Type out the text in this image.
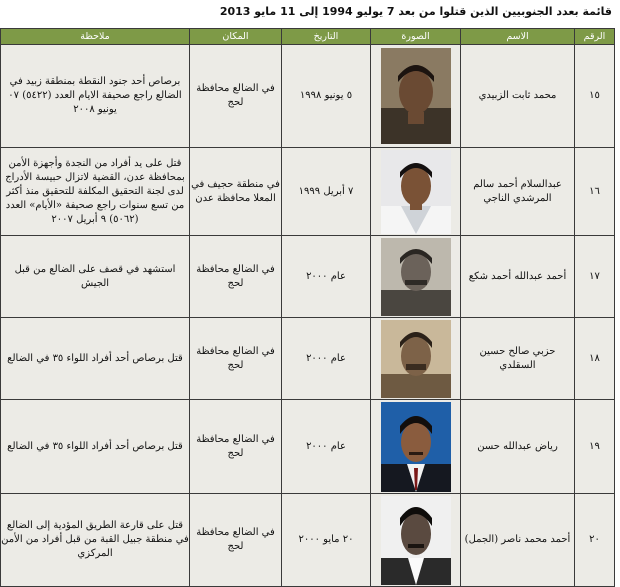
قائمة بعدد الجنوبيين الذين قتلوا من بعد 7 يوليو 1994 إلى 11 مايو 2013
الرقم	الاسم	الصورة	التاريخ	المكان	ملاحظة
١٥	محمد ثابت الزبيدي		٥ يونيو ١٩٩٨	في الضالع محافظة لحج	برصاص أحد جنود النقطة بمنطقة زبيد في الضالع راجع صحيفة الايام العدد (٥٤٢٢) ٠٧ يونيو ٢٠٠٨
١٦	عبدالسلام أحمد سالم المرشدي الناجي		٧ أبريل ١٩٩٩	في منطقة حجيف في المعلا محافظة عدن	قتل على يد أفراد من النجدة وأجهزة الأمن بمحافظة عدن، القضية لاتزال حبيسة الأدراج لدى لجنة التحقيق المكلفة للتحقيق منذ أكثر من تسع سنوات راجع صحيفة «الأيام» العدد (٥٠٦٢) ٩ أبريل ٢٠٠٧
١٧	أحمد عبدالله أحمد شكع		عام ٢٠٠٠	في الضالع محافظة لحج	استشهد في قصف على الضالع من قبل الجيش
١٨	حزبي صالح حسين السقلدي		عام ٢٠٠٠	في الضالع محافظة لحج	قتل برصاص أحد أفراد اللواء ٣٥ في الضالع
١٩	رياض عبدالله حسن		عام ٢٠٠٠	في الضالع محافظة لحج	قتل برصاص أحد أفراد اللواء ٣٥ في الضالع
٢٠	أحمد محمد ناصر (الجمل)		٢٠ مايو ٢٠٠٠	في الضالع محافظة لحج	قتل على قارعة الطريق المؤدية إلى الضالع في منطقة جبيل القبة من قبل أفراد من الأمن المركزي
